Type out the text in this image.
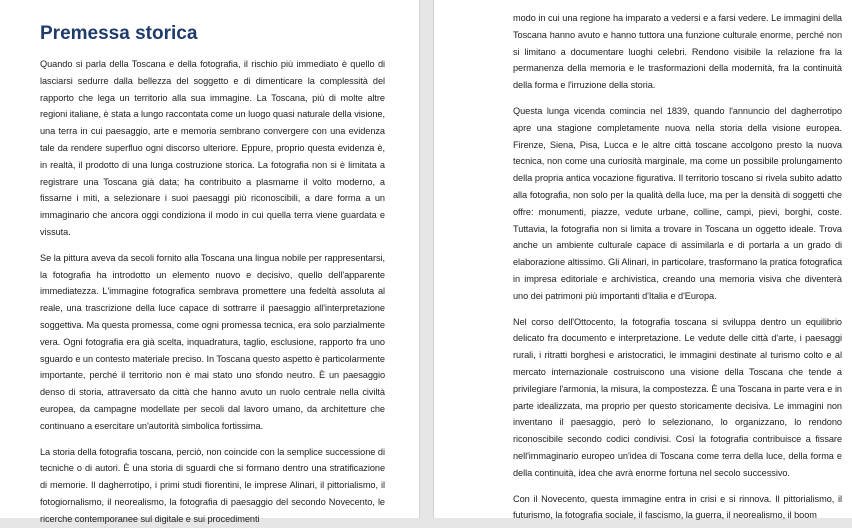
Premessa storica

Quando si parla della Toscana e della fotografia, il rischio più immediato è quello di lasciarsi sedurre dalla bellezza del soggetto e di dimenticare la complessità del rapporto che lega un territorio alla sua immagine. La Toscana, più di molte altre regioni italiane, è stata a lungo raccontata come un luogo quasi naturale della visione, una terra in cui paesaggio, arte e memoria sembrano convergere con una evidenza tale da rendere superfluo ogni discorso ulteriore. Eppure, proprio questa evidenza è, in realtà, il prodotto di una lunga costruzione storica. La fotografia non si è limitata a registrare una Toscana già data; ha contribuito a plasmarne il volto moderno, a fissarne i miti, a selezionare i suoi paesaggi più riconoscibili, a dare forma a un immaginario che ancora oggi condiziona il modo in cui quella terra viene guardata e vissuta.

Se la pittura aveva da secoli fornito alla Toscana una lingua nobile per rappresentarsi, la fotografia ha introdotto un elemento nuovo e decisivo, quello dell'apparente immediatezza. L'immagine fotografica sembrava promettere una fedeltà assoluta al reale, una trascrizione della luce capace di sottrarre il paesaggio all'interpretazione soggettiva. Ma questa promessa, come ogni promessa tecnica, era solo parzialmente vera. Ogni fotografia era già scelta, inquadratura, taglio, esclusione, rapporto fra uno sguardo e un contesto materiale preciso. In Toscana questo aspetto è particolarmente importante, perché il territorio non è mai stato uno sfondo neutro. È un paesaggio denso di storia, attraversato da città che hanno avuto un ruolo centrale nella civiltà europea, da campagne modellate per secoli dal lavoro umano, da architetture che continuano a esercitare un'autorità simbolica fortissima.

La storia della fotografia toscana, perciò, non coincide con la semplice successione di tecniche o di autori. È una storia di sguardi che si formano dentro una stratificazione di memorie. Il dagherrotipo, i primi studi fiorentini, le imprese Alinari, il pittorialismo, il fotogiornalismo, il neorealismo, la fotografia di paesaggio del secondo Novecento, le ricerche contemporanee sul digitale e sui procedimenti

modo in cui una regione ha imparato a vedersi e a farsi vedere. Le immagini della Toscana hanno avuto e hanno tuttora una funzione culturale enorme, perché non si limitano a documentare luoghi celebri. Rendono visibile la relazione fra la permanenza della memoria e le trasformazioni della modernità, fra la continuità della forma e l'irruzione della storia.

Questa lunga vicenda comincia nel 1839, quando l'annuncio del dagherrotipo apre una stagione completamente nuova nella storia della visione europea. Firenze, Siena, Pisa, Lucca e le altre città toscane accolgono presto la nuova tecnica, non come una curiosità marginale, ma come un possibile prolungamento della propria antica vocazione figurativa. Il territorio toscano si rivela subito adatto alla fotografia, non solo per la qualità della luce, ma per la densità di soggetti che offre: monumenti, piazze, vedute urbane, colline, campi, pievi, borghi, coste. Tuttavia, la fotografia non si limita a trovare in Toscana un oggetto ideale. Trova anche un ambiente culturale capace di assimilarla e di portarla a un grado di elaborazione altissimo. Gli Alinari, in particolare, trasformano la pratica fotografica in impresa editoriale e archivistica, creando una memoria visiva che diventerà uno dei patrimoni più importanti d'Italia e d'Europa.

Nel corso dell'Ottocento, la fotografia toscana si sviluppa dentro un equilibrio delicato fra documento e interpretazione. Le vedute delle città d'arte, i paesaggi rurali, i ritratti borghesi e aristocratici, le immagini destinate al turismo colto e al mercato internazionale costruiscono una visione della Toscana che tende a privilegiare l'armonia, la misura, la compostezza. È una Toscana in parte vera e in parte idealizzata, ma proprio per questo storicamente decisiva. Le immagini non inventano il paesaggio, però lo selezionano, lo organizzano, lo rendono riconoscibile secondo codici condivisi. Così la fotografia contribuisce a fissare nell'immaginario europeo un'idea di Toscana come terra della luce, della forma e della continuità, idea che avrà enorme fortuna nel secolo successivo.

Con il Novecento, questa immagine entra in crisi e si rinnova. Il pittorialismo, il futurismo, la fotografia sociale, il fascismo, la guerra, il neorealismo, il boom
